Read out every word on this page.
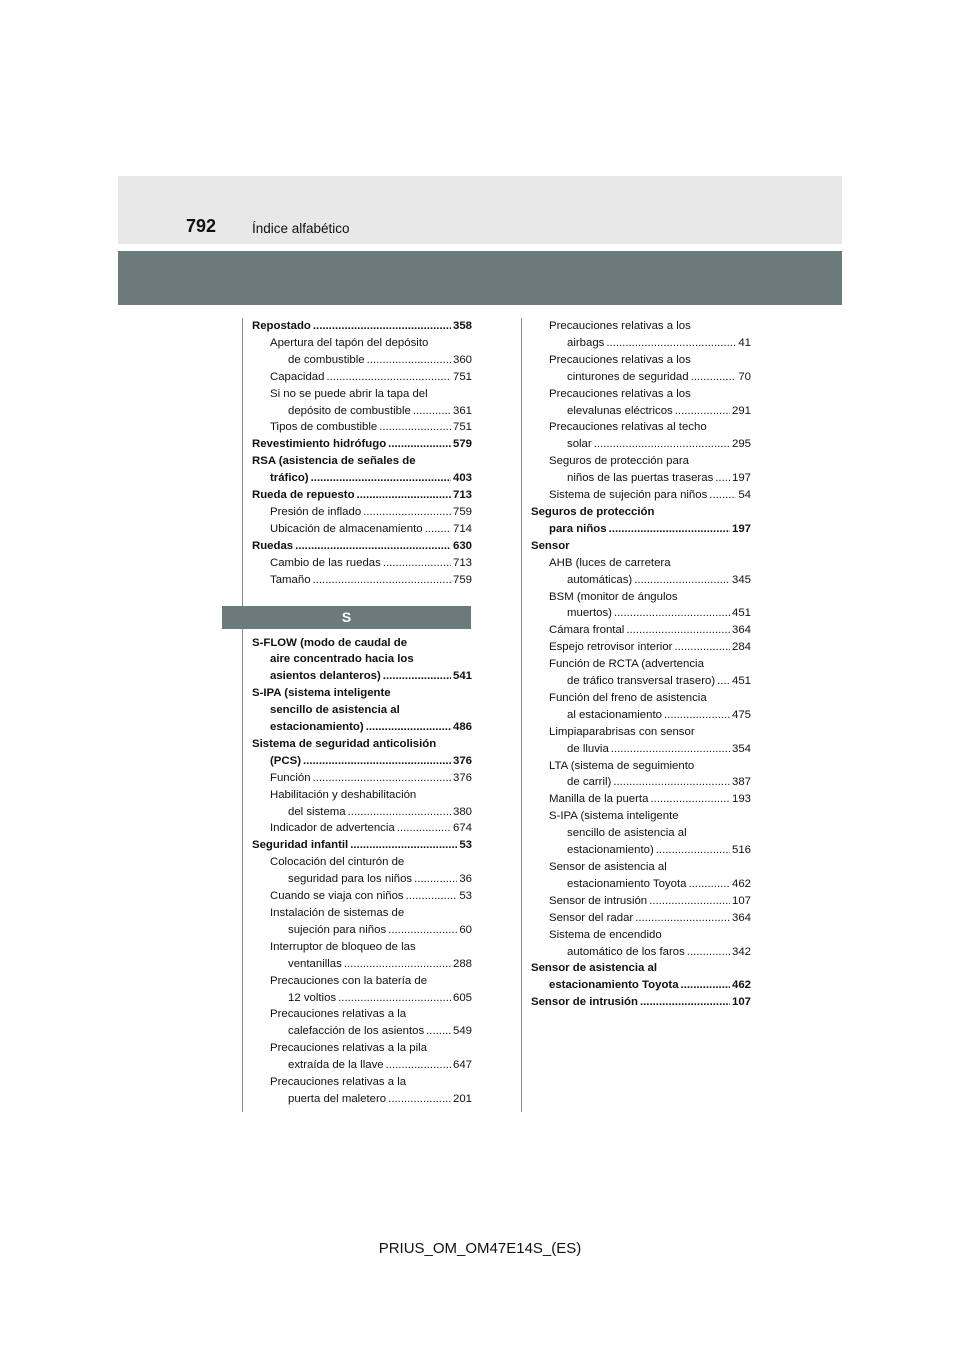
792	Índice alfabético
Repostado .....	358
Apertura del tapón del depósito
de combustible .....	360
Capacidad .....	751
Si no se puede abrir la tapa del
depósito de combustible .....	361
Tipos de combustible .....	751
Revestimiento hidrófugo .....	579
RSA (asistencia de señales de
tráfico) .....	403
Rueda de repuesto .....	713
Presión de inflado .....	759
Ubicación de almacenamiento .....	714
Ruedas .....	630
Cambio de las ruedas .....	713
Tamaño .....	759
S-FLOW (modo de caudal de
aire concentrado hacia los
asientos delanteros) .....	541
S-IPA (sistema inteligente
sencillo de asistencia al
estacionamiento) .....	486
Sistema de seguridad anticolisión
(PCS) .....	376
Función .....	376
Habilitación y deshabilitación
del sistema .....	380
Indicador de advertencia .....	674
Seguridad infantil .....	53
Colocación del cinturón de
seguridad para los niños .....	36
Cuando se viaja con niños .....	53
Instalación de sistemas de
sujeción para niños .....	60
Interruptor de bloqueo de las
ventanillas .....	288
Precauciones con la batería de
12 voltios .....	605
Precauciones relativas a la
calefacción de los asientos .....	549
Precauciones relativas a la pila
extraída de la llave .....	647
Precauciones relativas a la
puerta del maletero .....	201
S
Precauciones relativas a los
airbags .....	41
Precauciones relativas a los
cinturones de seguridad .....	70
Precauciones relativas a los
elevalunas eléctricos .....	291
Precauciones relativas al techo
solar .....	295
Seguros de protección para
niños de las puertas traseras ..... 197
Sistema de sujeción para niños .....	54
Seguros de protección
para niños .....	197
Sensor
AHB (luces de carretera
automáticas) .....	345
BSM (monitor de ángulos
muertos) .....	451
Cámara frontal .....	364
Espejo retrovisor interior .....	284
Función de RCTA (advertencia
de tráfico transversal trasero) ..... 451
Función del freno de asistencia
al estacionamiento .....	475
Limpiaparabrisas con sensor
de lluvia .....	354
LTA (sistema de seguimiento
de carril) .....	387
Manilla de la puerta .....	193
S-IPA (sistema inteligente
sencillo de asistencia al
estacionamiento) .....	516
Sensor de asistencia al
estacionamiento Toyota .....	462
Sensor de intrusión .....	107
Sensor del radar .....	364
Sistema de encendido
automático de los faros .....	342
Sensor de asistencia al
estacionamiento Toyota .....	462
Sensor de intrusión .....	107
PRIUS_OM_OM47E14S_(ES)
